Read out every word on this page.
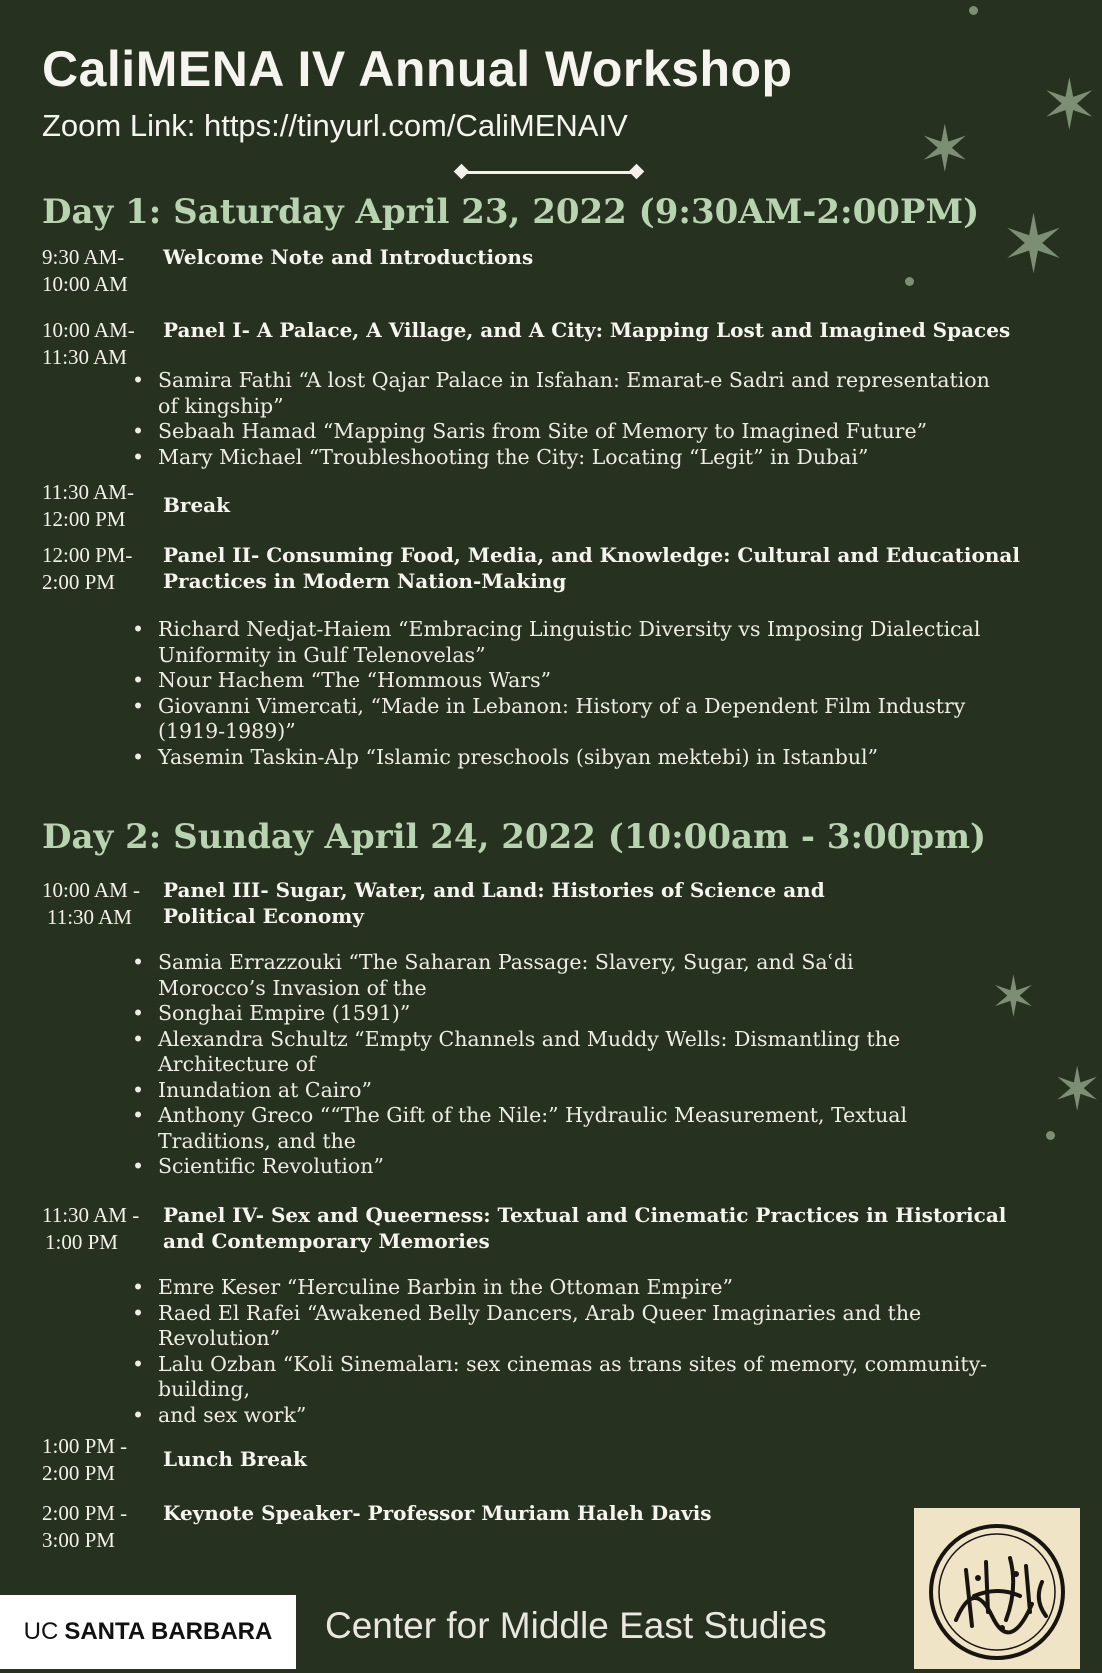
✶
✶
✶
✶
✶
CaliMENA IV Annual Workshop
Zoom Link: https://tinyurl.com/CaliMENAIV
Day 1: Saturday April 23, 2022 (9:30AM-2:00PM)
9:30 AM-
10:00 AM
Welcome Note and Introductions
10:00 AM-
11:30 AM
Panel I- A Palace, A Village, and A City: Mapping Lost and Imagined Spaces
• Samira Fathi “A lost Qajar Palace in Isfahan: Emarat-e Sadri and representation of kingship”
• Sebaah Hamad “Mapping Saris from Site of Memory to Imagined Future”
• Mary Michael “Troubleshooting the City: Locating “Legit” in Dubai”
11:30 AM-
12:00 PM
Break
12:00 PM-
2:00 PM
Panel II- Consuming Food, Media, and Knowledge: Cultural and Educational Practices in Modern Nation-Making
• Richard Nedjat-Haiem “Embracing Linguistic Diversity vs Imposing Dialectical Uniformity in Gulf Telenovelas”
• Nour Hachem “The “Hommous Wars”
• Giovanni Vimercati, “Made in Lebanon: History of a Dependent Film Industry (1919-1989)”
• Yasemin Taskin-Alp “Islamic preschools (sibyan mektebi) in Istanbul”
Day 2: Sunday April 24, 2022 (10:00am - 3:00pm)
10:00 AM -
11:30 AM
Panel III- Sugar, Water, and Land: Histories of Science and Political Economy
• Samia Errazzouki “The Saharan Passage: Slavery, Sugar, and Saʿdi Morocco’s Invasion of the
• Songhai Empire (1591)”
• Alexandra Schultz “Empty Channels and Muddy Wells: Dismantling the Architecture of
• Inundation at Cairo”
• Anthony Greco ““The Gift of the Nile:” Hydraulic Measurement, Textual Traditions, and the
• Scientific Revolution”
11:30 AM -
1:00 PM
Panel IV- Sex and Queerness: Textual and Cinematic Practices in Historical and Contemporary Memories
• Emre Keser “Herculine Barbin in the Ottoman Empire”
• Raed El Rafei “Awakened Belly Dancers, Arab Queer Imaginaries and the Revolution”
• Lalu Ozban “Koli Sinemaları: sex cinemas as trans sites of memory, community-building,
• and sex work”
1:00 PM -
2:00 PM
Lunch Break
2:00 PM -
3:00 PM
Keynote Speaker- Professor Muriam Haleh Davis
UC SANTA BARBARA Center for Middle East Studies
